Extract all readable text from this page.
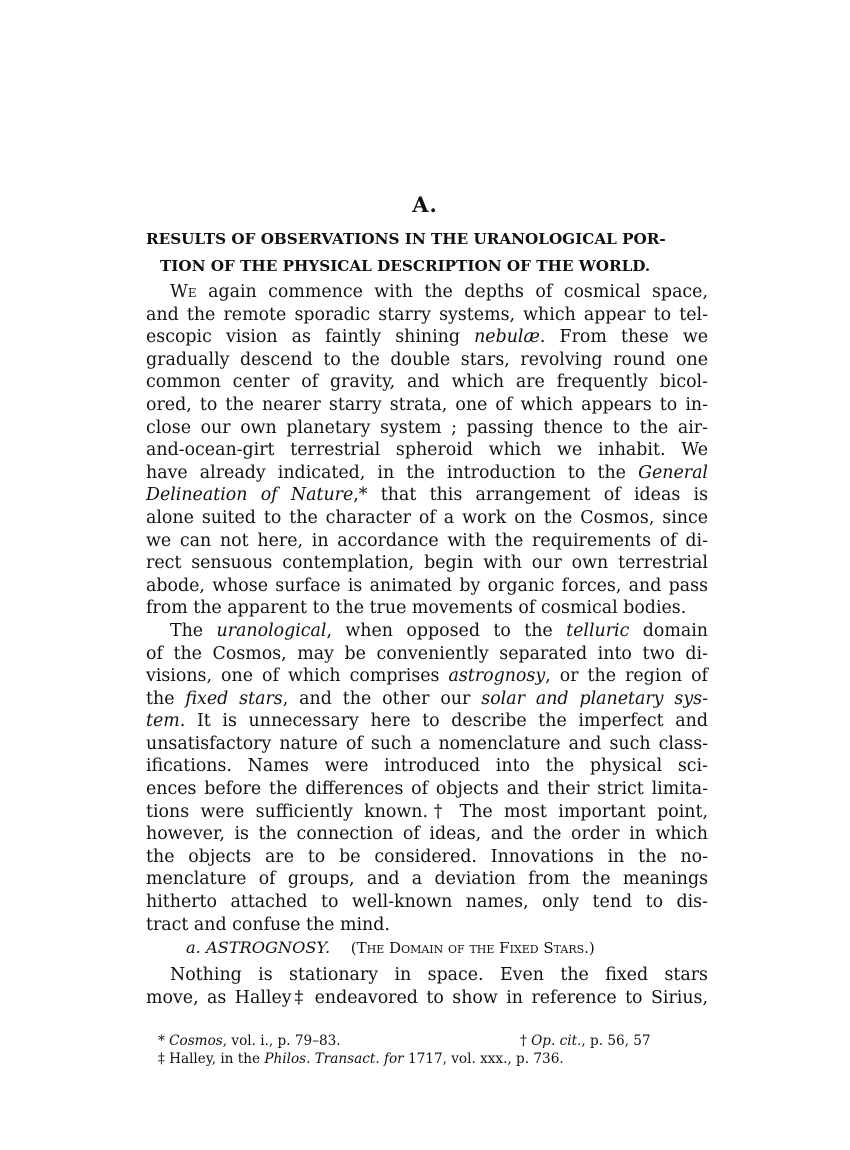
A.
RESULTS OF OBSERVATIONS IN THE URANOLOGICAL POR-
TION OF THE PHYSICAL DESCRIPTION OF THE WORLD.
We again commence with the depths of cosmical space,
and the remote sporadic starry systems, which appear to tel-
escopic vision as faintly shining nebulæ. From these we
gradually descend to the double stars, revolving round one
common center of gravity, and which are frequently bicol-
ored, to the nearer starry strata, one of which appears to in-
close our own planetary system ; passing thence to the air-
and-ocean-girt terrestrial spheroid which we inhabit. We
have already indicated, in the introduction to the General
Delineation of Nature,* that this arrangement of ideas is
alone suited to the character of a work on the Cosmos, since
we can not here, in accordance with the requirements of di-
rect sensuous contemplation, begin with our own terrestrial
abode, whose surface is animated by organic forces, and pass
from the apparent to the true movements of cosmical bodies.
The uranological, when opposed to the telluric domain
of the Cosmos, may be conveniently separated into two di-
visions, one of which comprises astrognosy, or the region of
the fixed stars, and the other our solar and planetary sys-
tem. It is unnecessary here to describe the imperfect and
unsatisfactory nature of such a nomenclature and such class-
ifications. Names were introduced into the physical sci-
ences before the differences of objects and their strict limita-
tions were sufficiently known.† The most important point,
however, is the connection of ideas, and the order in which
the objects are to be considered. Innovations in the no-
menclature of groups, and a deviation from the meanings
hitherto attached to well-known names, only tend to dis-
tract and confuse the mind.
a. ASTROGNOSY. (The Domain of the Fixed Stars.)
Nothing is stationary in space. Even the fixed stars
move, as Halley‡ endeavored to show in reference to Sirius,
* Cosmos, vol. i., p. 79–83.	† Op. cit., p. 56, 57
‡ Halley, in the Philos. Transact. for 1717, vol. xxx., p. 736.
